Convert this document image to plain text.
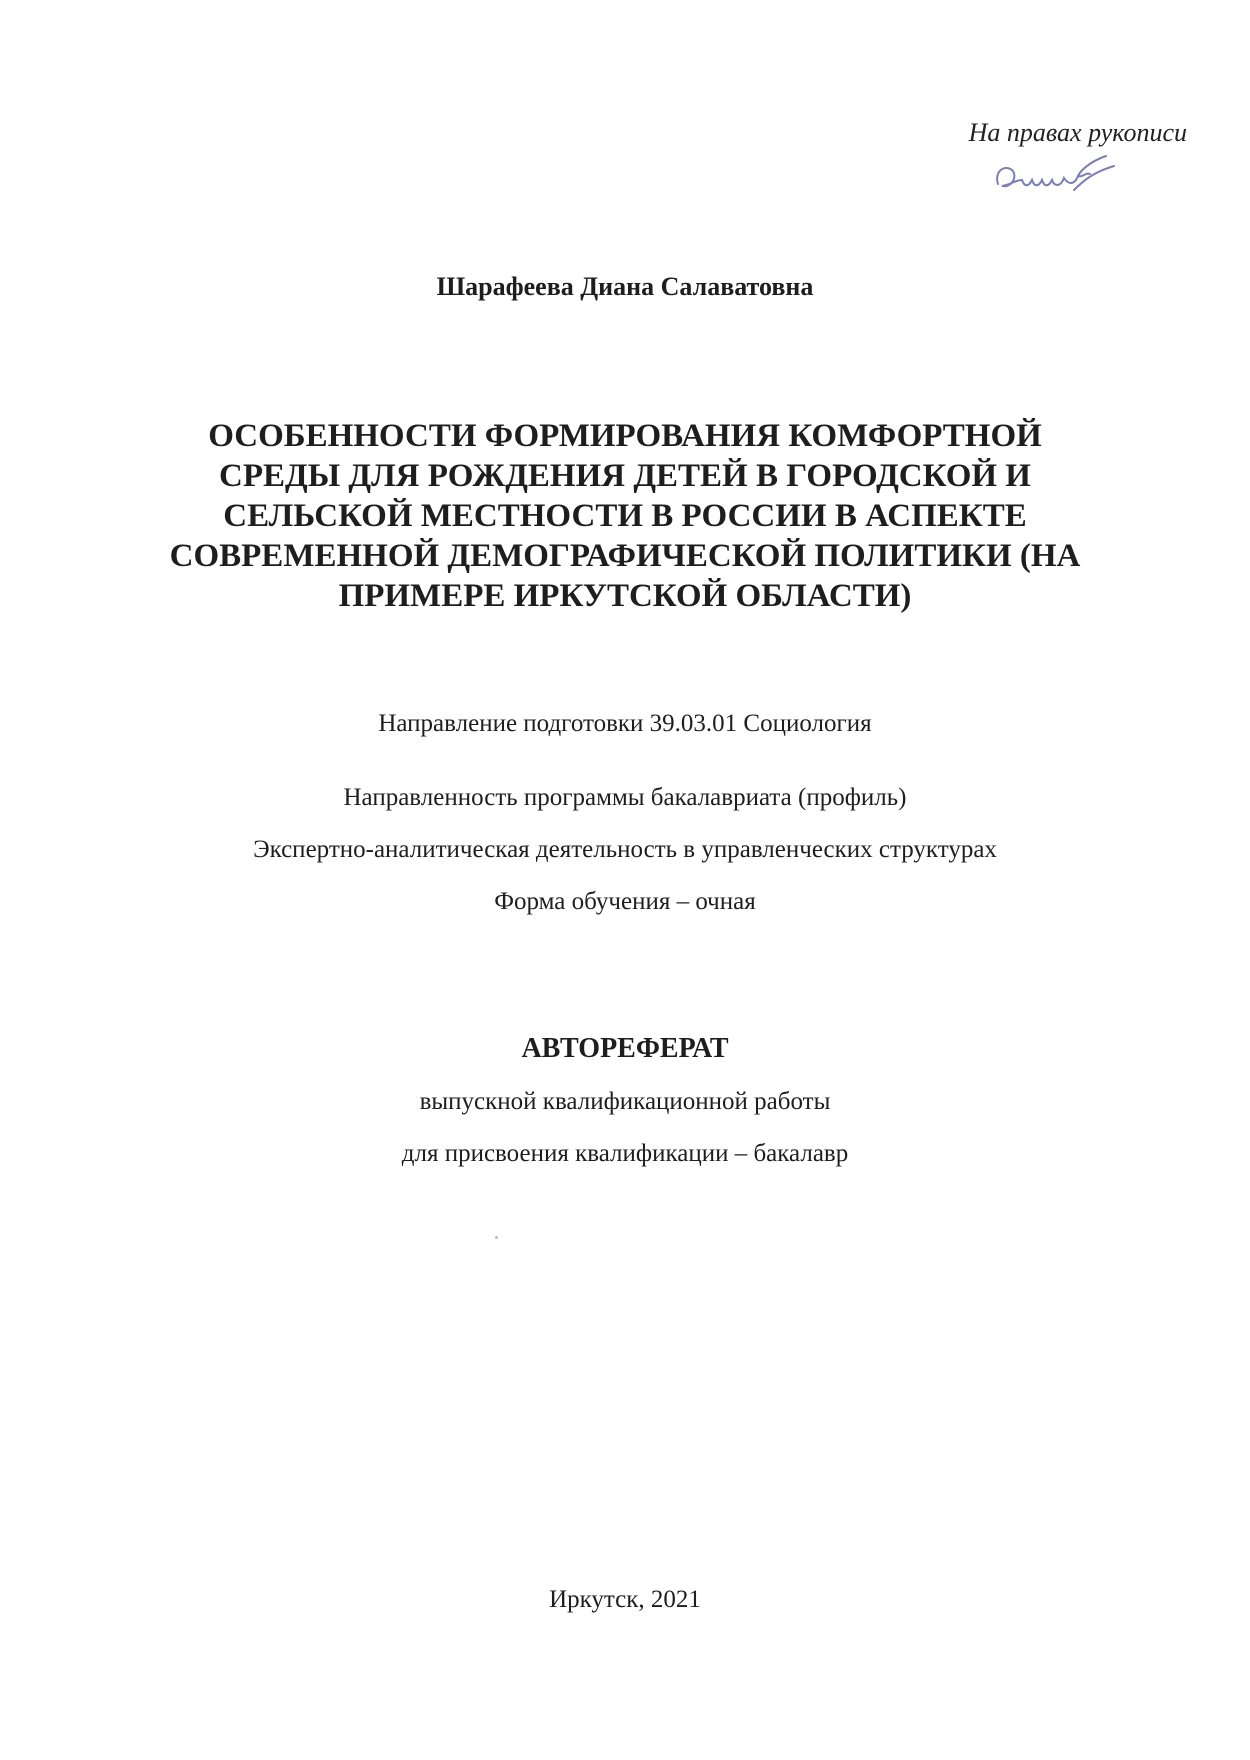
На правах рукописи
Шарафеева Диана Салаватовна
ОСОБЕННОСТИ ФОРМИРОВАНИЯ КОМФОРТНОЙ
СРЕДЫ ДЛЯ РОЖДЕНИЯ ДЕТЕЙ В ГОРОДСКОЙ И
СЕЛЬСКОЙ МЕСТНОСТИ В РОССИИ В АСПЕКТЕ
СОВРЕМЕННОЙ ДЕМОГРАФИЧЕСКОЙ ПОЛИТИКИ (НА
ПРИМЕРЕ ИРКУТСКОЙ ОБЛАСТИ)
Направление подготовки 39.03.01 Социология
Направленность программы бакалавриата (профиль)
Экспертно-аналитическая деятельность в управленческих структурах
Форма обучения – очная
АВТОРЕФЕРАТ
выпускной квалификационной работы
для присвоения квалификации – бакалавр
Иркутск, 2021
